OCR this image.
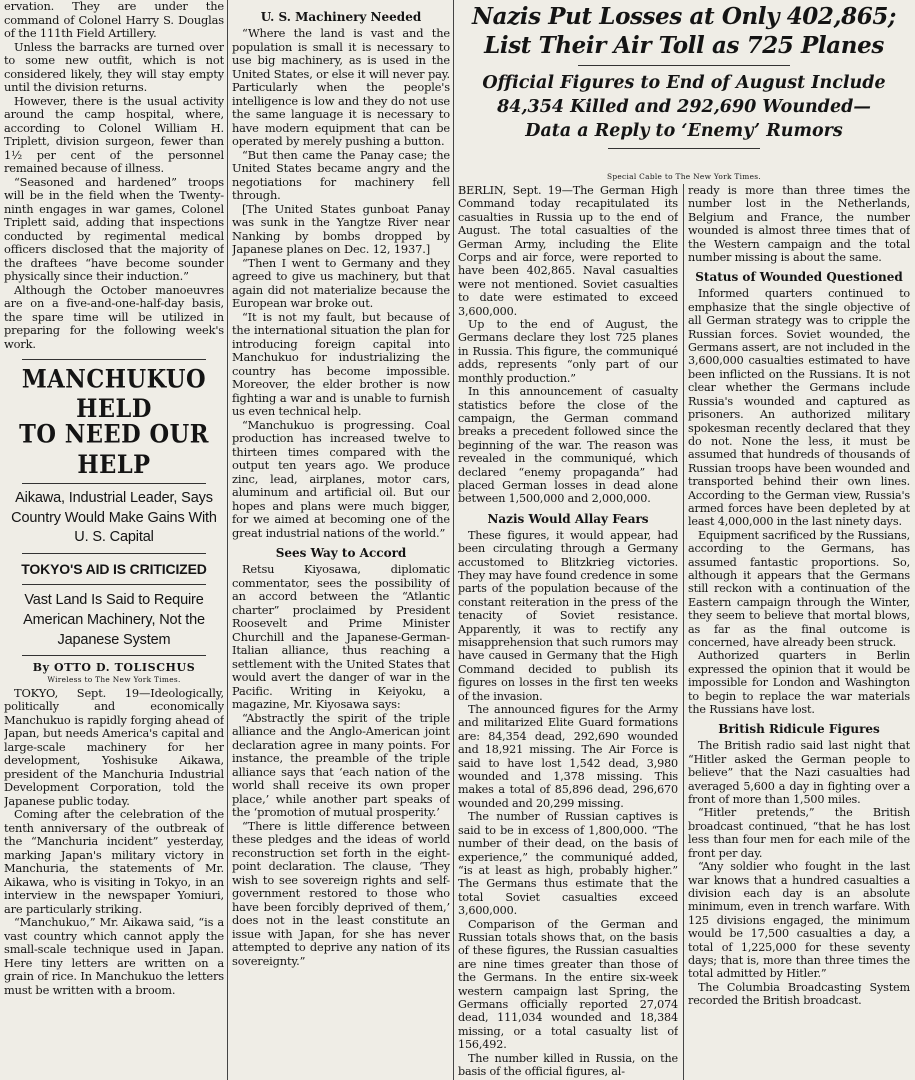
ervation. They are under the command of Colonel Harry S. Douglas of the 111th Field Artillery.

Unless the barracks are turned over to some new outfit, which is not considered likely, they will stay empty until the division returns.

However, there is the usual activity around the camp hospital, where, according to Colonel William H. Triplett, division surgeon, fewer than 1½ per cent of the personnel remained because of illness.

“Seasoned and hardened” troops will be in the field when the Twenty-ninth engages in war games, Colonel Triplett said, adding that inspections conducted by regimental medical officers disclosed that the majority of the draftees “have become sounder physically since their induction.”

Although the October manoeuvres are on a five-and-one-half-day basis, the spare time will be utilized in preparing for the following week's work.

MANCHUKUO HELD
TO NEED OUR HELP

Aikawa, Industrial Leader, Says Country Would Make Gains With U. S. Capital

TOKYO'S AID IS CRITICIZED

Vast Land Is Said to Require American Machinery, Not the Japanese System

By OTTO D. TOLISCHUS
Wireless to The New York Times.

TOKYO, Sept. 19—Ideologically, politically and economically Manchukuo is rapidly forging ahead of Japan, but needs America's capital and large-scale machinery for her development, Yoshisuke Aikawa, president of the Manchuria Industrial Development Corporation, told the Japanese public today.

Coming after the celebration of the tenth anniversary of the outbreak of the “Manchuria incident” yesterday, marking Japan's military victory in Manchuria, the statements of Mr. Aikawa, who is visiting in Tokyo, in an interview in the newspaper Yomiuri, are particularly striking.

“Manchukuo,” Mr. Aikawa said, “is a vast country which cannot apply the small-scale technique used in Japan. Here tiny letters are written on a grain of rice. In Manchukuo the letters must be written with a broom.

U. S. Machinery Needed

“Where the land is vast and the population is small it is necessary to use big machinery, as is used in the United States, or else it will never pay. Particularly when the people's intelligence is low and they do not use the same language it is necessary to have modern equipment that can be operated by merely pushing a button.

“But then came the Panay case; the United States became angry and the negotiations for machinery fell through.

[The United States gunboat Panay was sunk in the Yangtze River near Nanking by bombs dropped by Japanese planes on Dec. 12, 1937.]

“Then I went to Germany and they agreed to give us machinery, but that again did not materialize because the European war broke out.

“It is not my fault, but because of the international situation the plan for introducing foreign capital into Manchukuo for industrializing the country has become impossible. Moreover, the elder brother is now fighting a war and is unable to furnish us even technical help.

“Manchukuo is progressing. Coal production has increased twelve to thirteen times compared with the output ten years ago. We produce zinc, lead, airplanes, motor cars, aluminum and artificial oil. But our hopes and plans were much bigger, for we aimed at becoming one of the great industrial nations of the world.”

Sees Way to Accord

Retsu Kiyosawa, diplomatic commentator, sees the possibility of an accord between the “Atlantic charter” proclaimed by President Roosevelt and Prime Minister Churchill and the Japanese-German-Italian alliance, thus reaching a settlement with the United States that would avert the danger of war in the Pacific. Writing in Keiyoku, a magazine, Mr. Kiyosawa says:

“Abstractly the spirit of the triple alliance and the Anglo-American joint declaration agree in many points. For instance, the preamble of the triple alliance says that ‘each nation of the world shall receive its own proper place,’ while another part speaks of the ‘promotion of mutual prosperity.’

“There is little difference between these pledges and the ideas of world reconstruction set forth in the eight-point declaration. The clause, ‘They wish to see sovereign rights and self-government restored to those who have been forcibly deprived of them,’ does not in the least constitute an issue with Japan, for she has never attempted to deprive any nation of its sovereignty.”

Nazis Put Losses at Only 402,865;
List Their Air Toll as 725 Planes
Official Figures to End of August Include
84,354 Killed and 292,690 Wounded—
Data a Reply to ‘Enemy’ Rumors
Special Cable to The New York Times.

BERLIN, Sept. 19—The German High Command today recapitulated its casualties in Russia up to the end of August. The total casualties of the German Army, including the Elite Corps and air force, were reported to have been 402,865. Naval casualties were not mentioned. Soviet casualties to date were estimated to exceed 3,600,000.

Up to the end of August, the Germans declare they lost 725 planes in Russia. This figure, the communiqué adds, represents “only part of our monthly production.”

In this announcement of casualty statistics before the close of the campaign, the German command breaks a precedent followed since the beginning of the war. The reason was revealed in the communiqué, which declared “enemy propaganda” had placed German losses in dead alone between 1,500,000 and 2,000,000.

Nazis Would Allay Fears

These figures, it would appear, had been circulating through a Germany accustomed to Blitzkrieg victories. They may have found credence in some parts of the population because of the constant reiteration in the press of the tenacity of Soviet resistance. Apparently, it was to rectify any misapprehension that such rumors may have caused in Germany that the High Command decided to publish its figures on losses in the first ten weeks of the invasion.

The announced figures for the Army and militarized Elite Guard formations are: 84,354 dead, 292,690 wounded and 18,921 missing. The Air Force is said to have lost 1,542 dead, 3,980 wounded and 1,378 missing. This makes a total of 85,896 dead, 296,670 wounded and 20,299 missing.

The number of Russian captives is said to be in excess of 1,800,000. “The number of their dead, on the basis of experience,” the communiqué added, “is at least as high, probably higher.” The Germans thus estimate that the total Soviet casualties exceed 3,600,000.

Comparison of the German and Russian totals shows that, on the basis of these figures, the Russian casualties are nine times greater than those of the Germans. In the entire six-week western campaign last Spring, the Germans officially reported 27,074 dead, 111,034 wounded and 18,384 missing, or a total casualty list of 156,492.

The number killed in Russia, on the basis of the official figures, al-

ready is more than three times the number lost in the Netherlands, Belgium and France, the number wounded is almost three times that of the Western campaign and the total number missing is about the same.

Status of Wounded Questioned

Informed quarters continued to emphasize that the single objective of all German strategy was to cripple the Russian forces. Soviet wounded, the Germans assert, are not included in the 3,600,000 casualties estimated to have been inflicted on the Russians. It is not clear whether the Germans include Russia's wounded and captured as prisoners. An authorized military spokesman recently declared that they do not. None the less, it must be assumed that hundreds of thousands of Russian troops have been wounded and transported behind their own lines. According to the German view, Russia's armed forces have been depleted by at least 4,000,000 in the last ninety days.

Equipment sacrificed by the Russians, according to the Germans, has assumed fantastic proportions. So, although it appears that the Germans still reckon with a continuation of the Eastern campaign through the Winter, they seem to believe that mortal blows, as far as the final outcome is concerned, have already been struck.

Authorized quarters in Berlin expressed the opinion that it would be impossible for London and Washington to begin to replace the war materials the Russians have lost.

British Ridicule Figures

The British radio said last night that “Hitler asked the German people to believe” that the Nazi casualties had averaged 5,600 a day in fighting over a front of more than 1,500 miles.

“Hitler pretends,” the British broadcast continued, “that he has lost less than four men for each mile of the front per day.

“Any soldier who fought in the last war knows that a hundred casualties a division each day is an absolute minimum, even in trench warfare. With 125 divisions engaged, the minimum would be 17,500 casualties a day, a total of 1,225,000 for these seventy days; that is, more than three times the total admitted by Hitler.”

The Columbia Broadcasting System recorded the British broadcast.
